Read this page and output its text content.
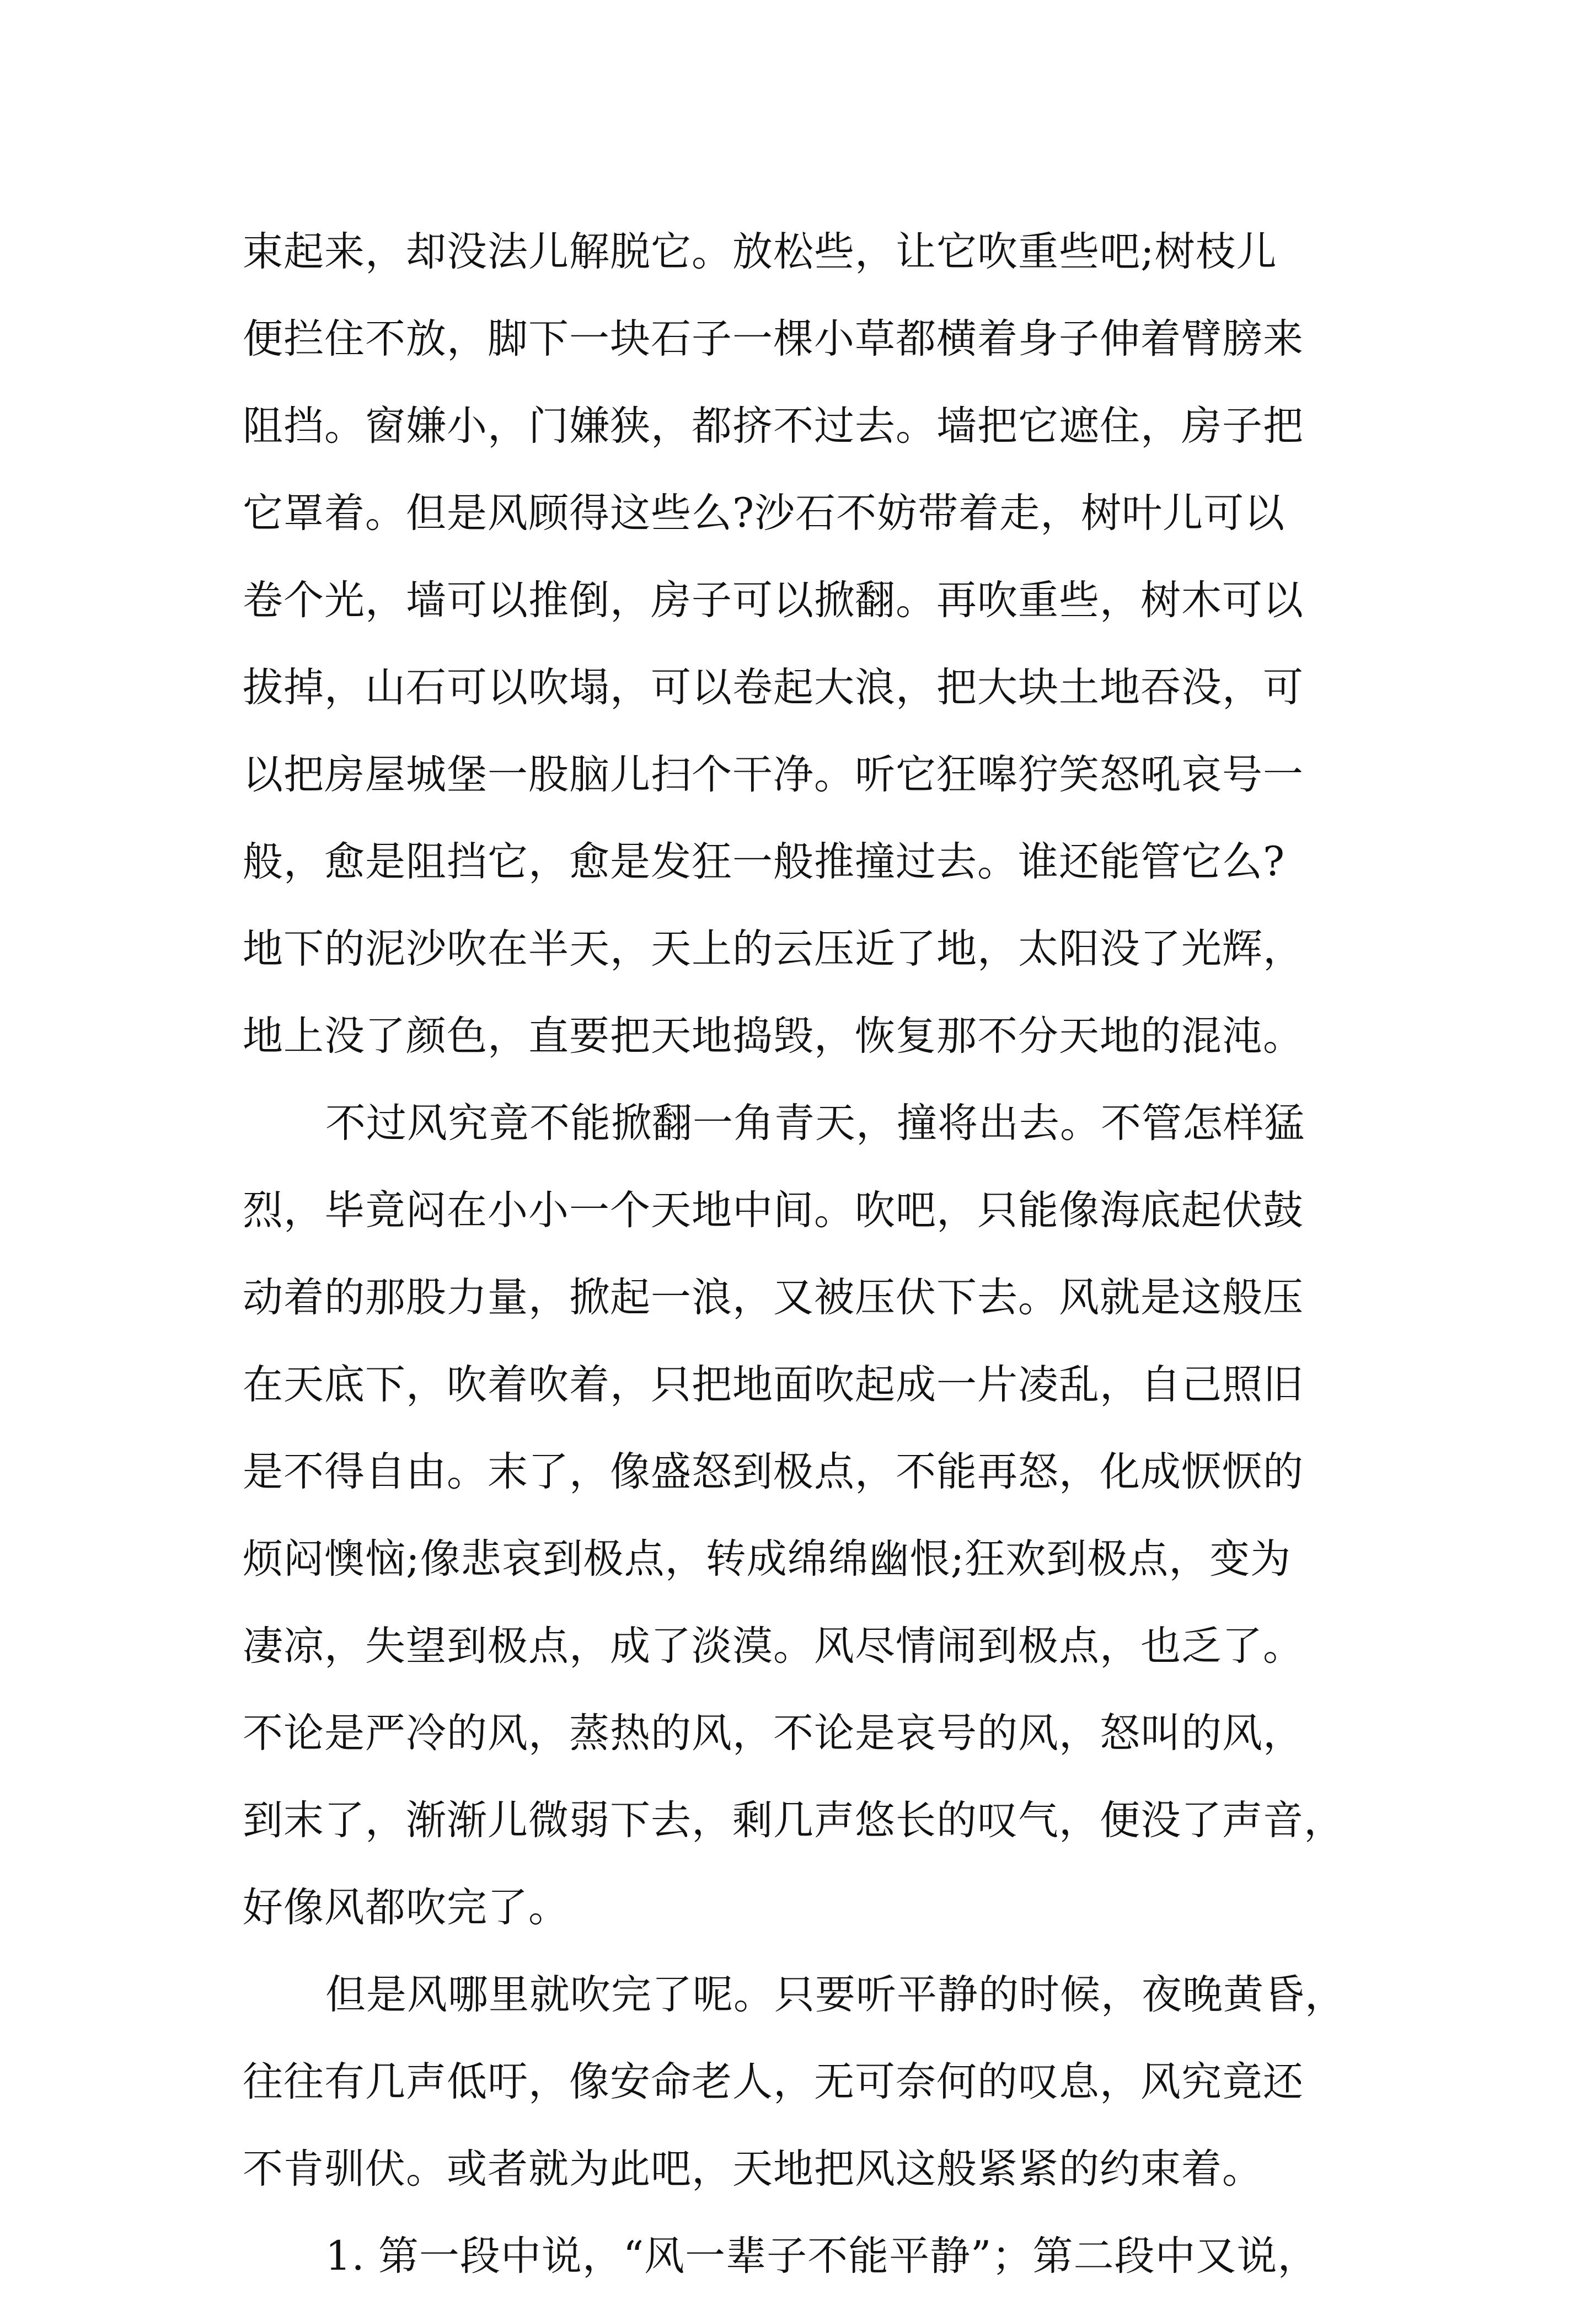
束起来，却没法儿解脱它。放松些，让它吹重些吧;树枝儿
便拦住不放，脚下一块石子一棵小草都横着身子伸着臂膀来
阻挡。窗嫌小，门嫌狭，都挤不过去。墙把它遮住，房子把
它罩着。但是风顾得这些么?沙石不妨带着走，树叶儿可以
卷个光，墙可以推倒，房子可以掀翻。再吹重些，树木可以
拔掉，山石可以吹塌，可以卷起大浪，把大块土地吞没，可
以把房屋城堡一股脑儿扫个干净。听它狂嗥狞笑怒吼哀号一
般，愈是阻挡它，愈是发狂一般推撞过去。谁还能管它么?
地下的泥沙吹在半天，天上的云压近了地，太阳没了光辉，
地上没了颜色，直要把天地捣毁，恢复那不分天地的混沌。
不过风究竟不能掀翻一角青天，撞将出去。不管怎样猛
烈，毕竟闷在小小一个天地中间。吹吧，只能像海底起伏鼓
动着的那股力量，掀起一浪，又被压伏下去。风就是这般压
在天底下，吹着吹着，只把地面吹起成一片凌乱，自己照旧
是不得自由。末了，像盛怒到极点，不能再怒，化成恹恹的
烦闷懊恼;像悲哀到极点，转成绵绵幽恨;狂欢到极点，变为
凄凉，失望到极点，成了淡漠。风尽情闹到极点，也乏了。
不论是严冷的风，蒸热的风，不论是哀号的风，怒叫的风，
到末了，渐渐儿微弱下去，剩几声悠长的叹气，便没了声音，
好像风都吹完了。
但是风哪里就吹完了呢。只要听平静的时候，夜晚黄昏，
往往有几声低吁，像安命老人，无可奈何的叹息，风究竟还
不肯驯伏。或者就为此吧，天地把风这般紧紧的约束着。
1. 第一段中说，“风一辈子不能平静”；第二段中又说，
